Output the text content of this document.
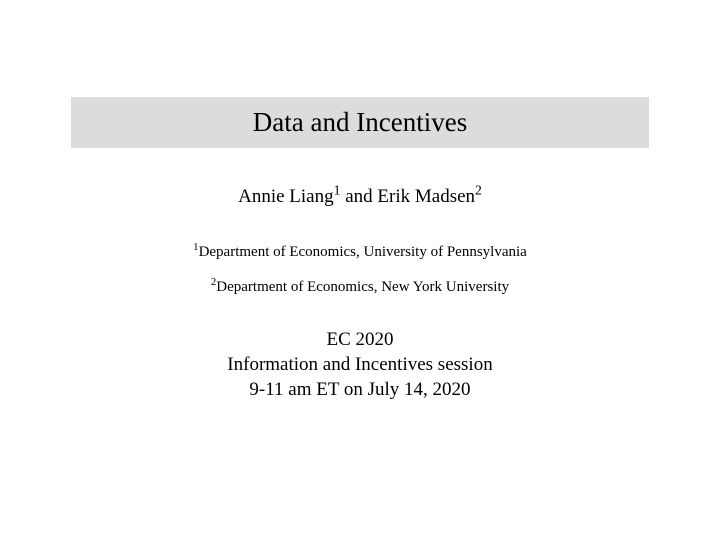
Data and Incentives
Annie Liang$^1$ and Erik Madsen$^2$
$^1$Department of Economics, University of Pennsylvania
$^2$Department of Economics, New York University
EC 2020
Information and Incentives session
9-11 am ET on July 14, 2020
